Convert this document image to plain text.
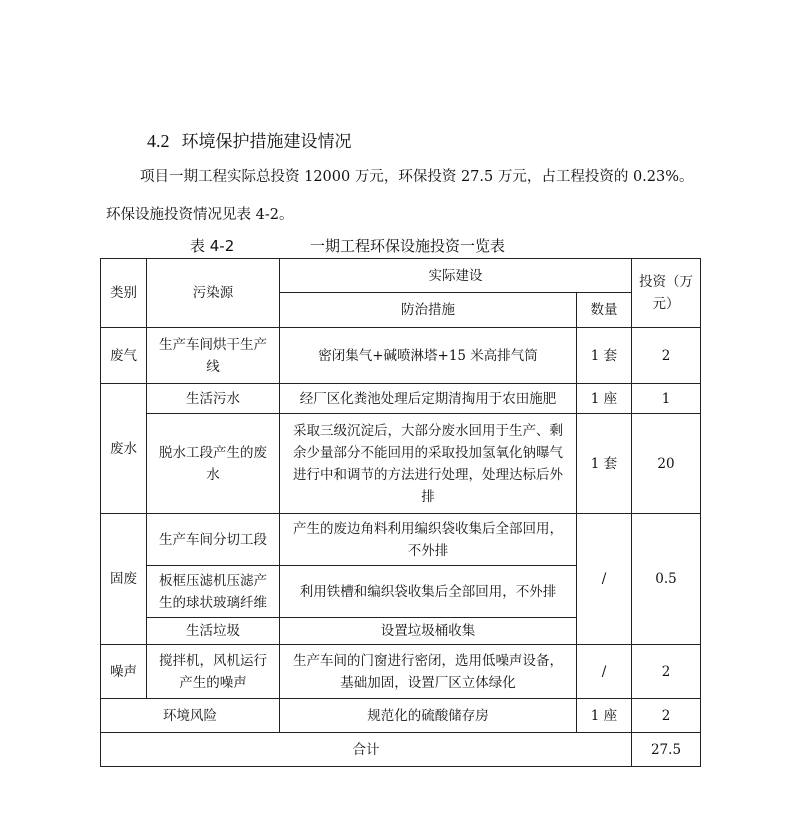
4.2 环境保护措施建设情况
项目一期工程实际总投资 12000 万元，环保投资 27.5 万元，占工程投资的 0.23%。
环保设施投资情况见表 4-2。
表 4-2	一期工程环保设施投资一览表
类别	污染源	实际建设		投资（万元）
		防治措施	数量	
废气	生产车间烘干生产线	密闭集气+碱喷淋塔+15 米高排气筒	1 套	2
废水	生活污水	经厂区化粪池处理后定期清掏用于农田施肥	1 座	1
	脱水工段产生的废水	采取三级沉淀后，大部分废水回用于生产、剩余少量部分不能回用的采取投加氢氧化钠曝气进行中和调节的方法进行处理，处理达标后外排	1 套	20
固废	生产车间分切工段	产生的废边角料利用编织袋收集后全部回用，不外排	/	0.5
	板框压滤机压滤产生的球状玻璃纤维	利用铁槽和编织袋收集后全部回用，不外排		
	生活垃圾	设置垃圾桶收集		
噪声	搅拌机，风机运行产生的噪声	生产车间的门窗进行密闭，选用低噪声设备，基础加固，设置厂区立体绿化	/	2
环境风险		规范化的硫酸储存房	1 座	2
合计				27.5
